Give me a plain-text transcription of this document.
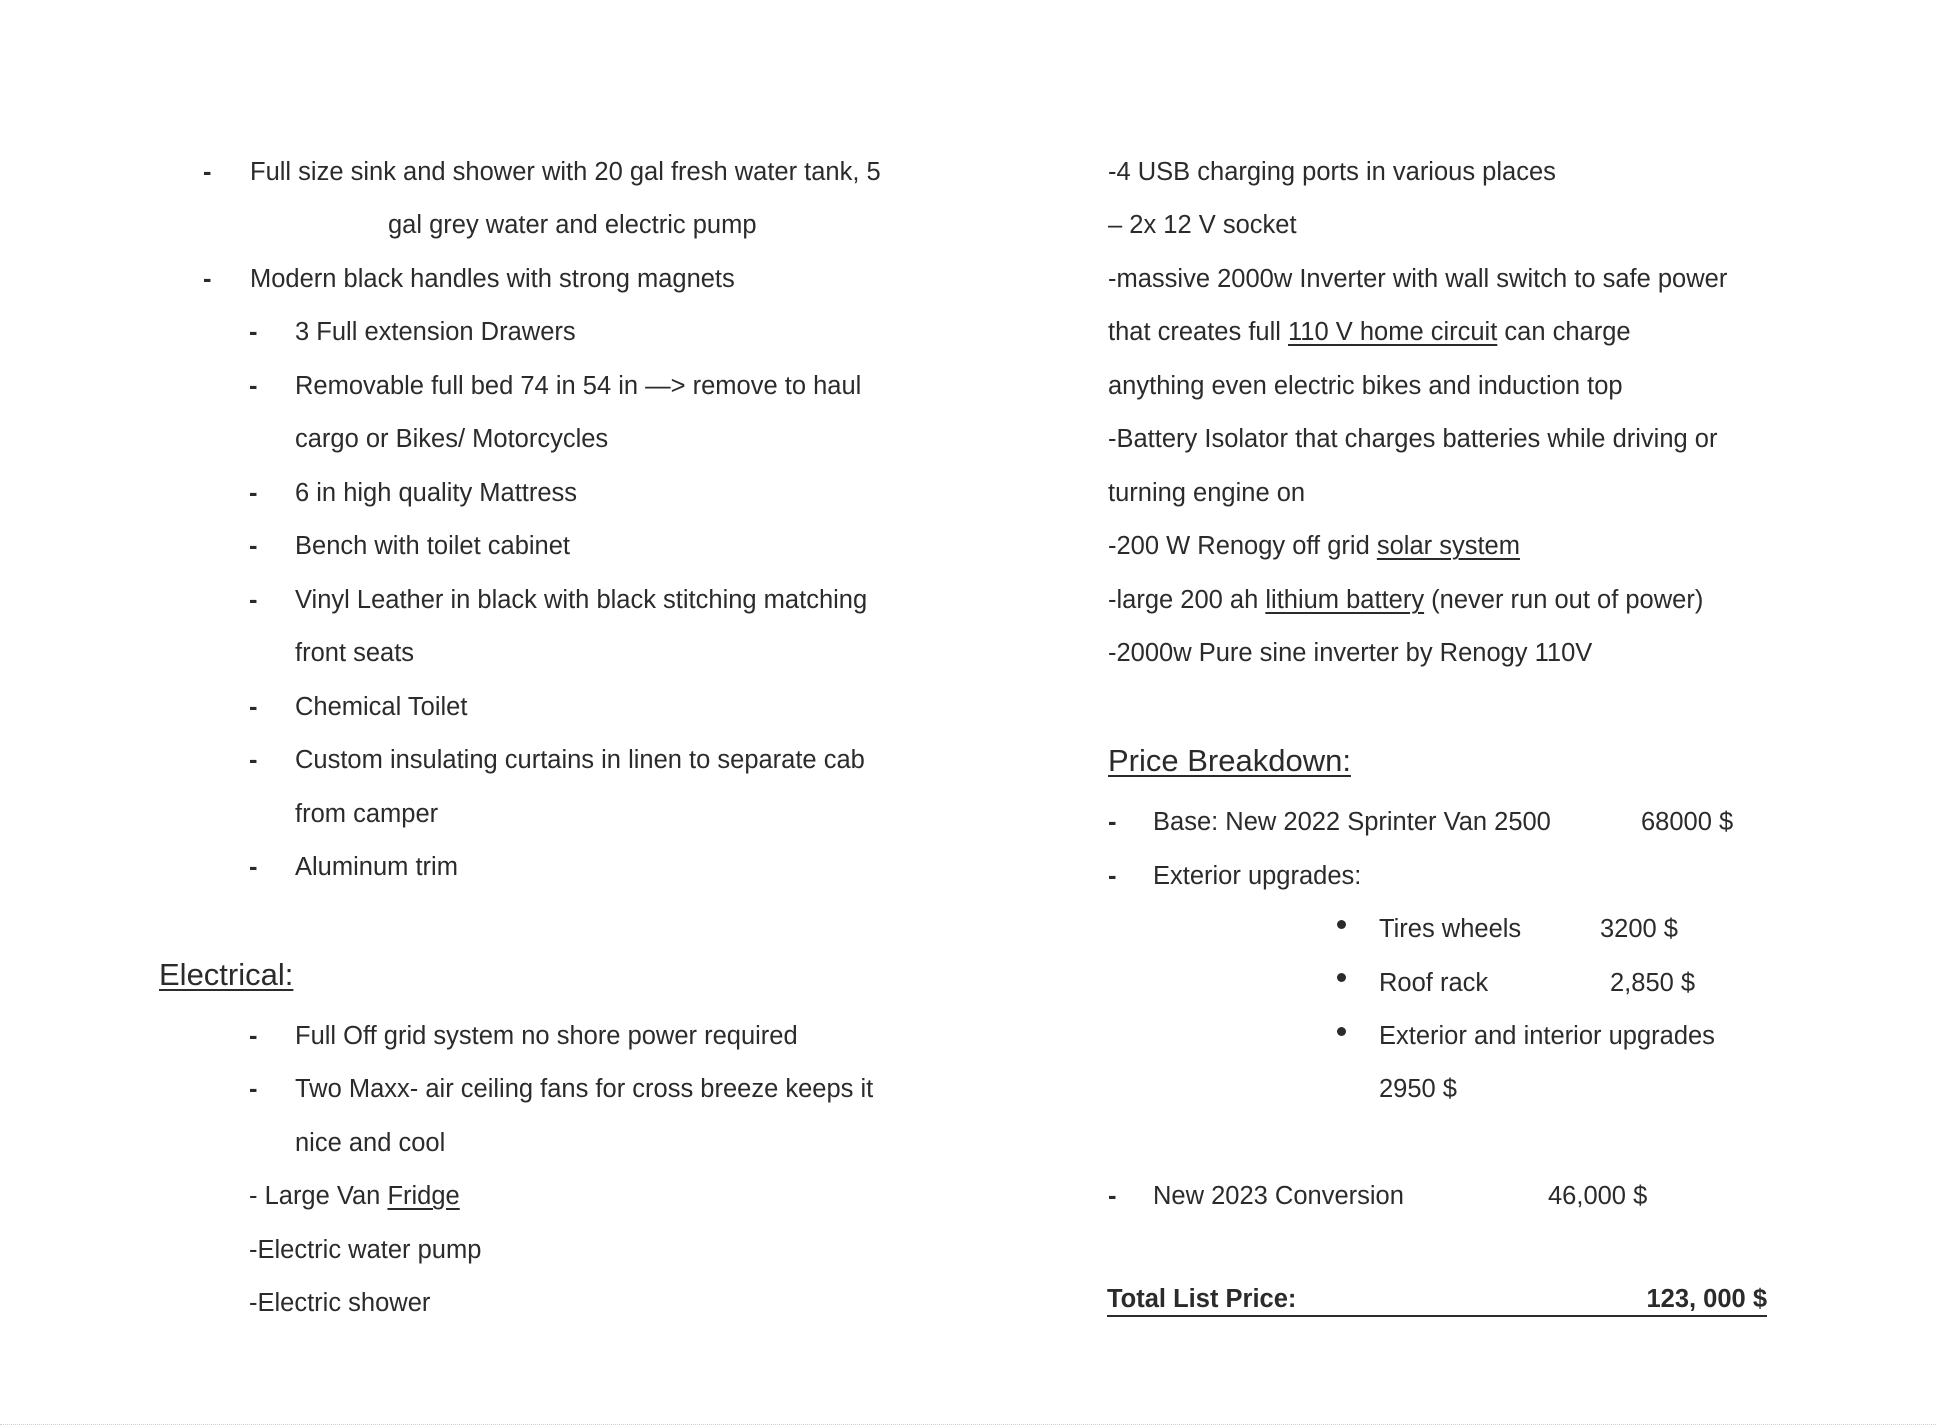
- Full size sink and shower with 20 gal fresh water tank, 5
gal grey water and electric pump
- Modern black handles with strong magnets
- 3 Full extension Drawers
- Removable full bed 74 in 54 in —> remove to haul
cargo or Bikes/ Motorcycles
- 6 in high quality Mattress
- Bench with toilet cabinet
- Vinyl Leather in black with black stitching matching
front seats
- Chemical Toilet
- Custom insulating curtains in linen to separate cab
from camper
- Aluminum trim
Electrical:
- Full Off grid system no shore power required
- Two Maxx- air ceiling fans for cross breeze keeps it
nice and cool
- Large Van Fridge
-Electric water pump
-Electric shower
-4 USB charging ports in various places
– 2x 12 V socket
-massive 2000w Inverter with wall switch to safe power
that creates full 110 V home circuit can charge
anything even electric bikes and induction top
-Battery Isolator that charges batteries while driving or
turning engine on
-200 W Renogy off grid solar system
-large 200 ah lithium battery (never run out of power)
-2000w Pure sine inverter by Renogy 110V
Price Breakdown:
- Base: New 2022 Sprinter Van 2500	68000 $
- Exterior upgrades:
Tires wheels	3200 $
Roof rack	2,850 $
Exterior and interior upgrades
2950 $
- New 2023 Conversion	46,000 $
Total List Price:	123, 000 $
